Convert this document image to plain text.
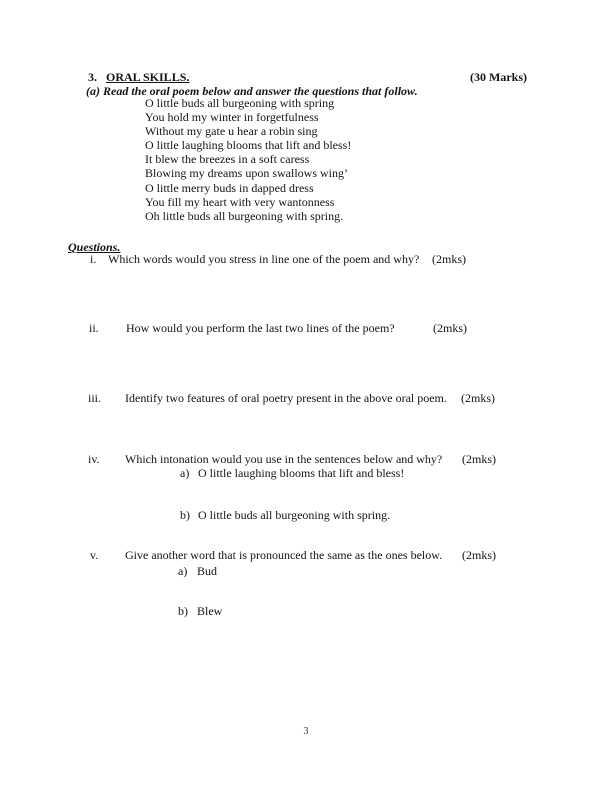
3. ORAL SKILLS.	(30 Marks)
(a) Read the oral poem below and answer the questions that follow.
O little buds all burgeoning with spring
You hold my winter in forgetfulness
Without my gate u hear a robin sing
O little laughing blooms that lift and bless!
It blew the breezes in a soft caress
Blowing my dreams upon swallows wing’
O little merry buds in dapped dress
You fill my heart with very wantonness
Oh little buds all burgeoning with spring.
Questions.
i. Which words would you stress in line one of the poem and why? (2mks)
ii. How would you perform the last two lines of the poem?	(2mks)
iii. Identify two features of oral poetry present in the above oral poem. (2mks)
iv. Which intonation would you use in the sentences below and why? (2mks)
a) O little laughing blooms that lift and bless!
b) O little buds all burgeoning with spring.
v. Give another word that is pronounced the same as the ones below. (2mks)
a) Bud
b) Blew
3
